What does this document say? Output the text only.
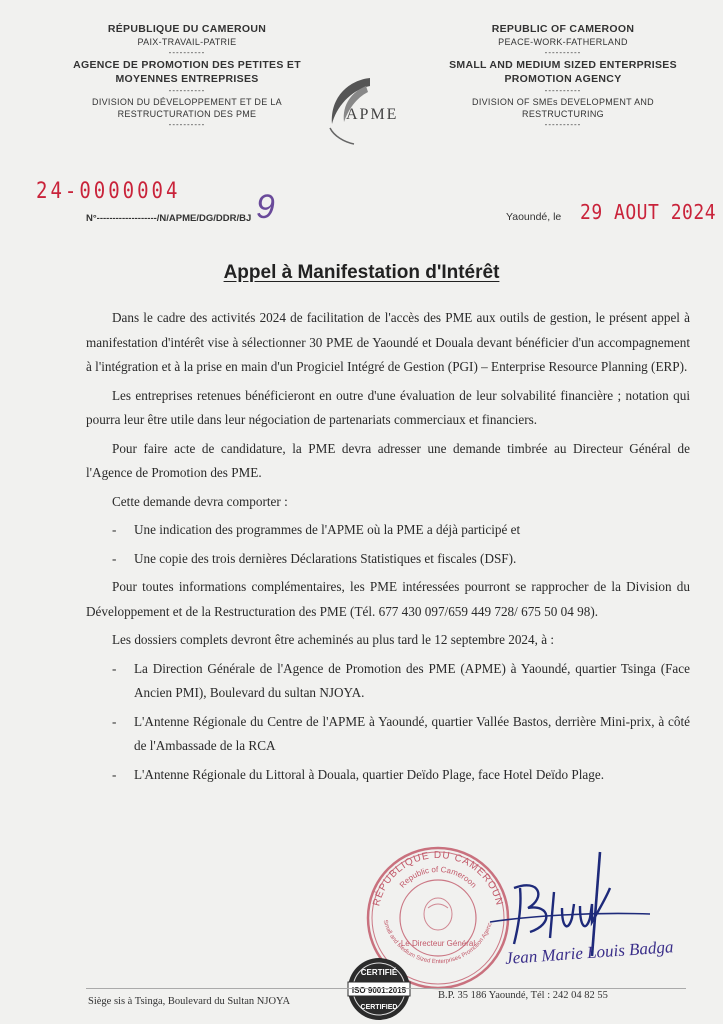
RÉPUBLIQUE DU CAMEROUN
PAIX-TRAVAIL-PATRIE
----------
AGENCE DE PROMOTION DES PETITES ET MOYENNES ENTREPRISES
----------
DIVISION DU DÉVELOPPEMENT ET DE LA RESTRUCTURATION DES PME
----------
APME
REPUBLIC OF CAMEROON
PEACE-WORK-FATHERLAND
----------
SMALL AND MEDIUM SIZED ENTERPRISES PROMOTION AGENCY
----------
DIVISION OF SMEs DEVELOPMENT AND RESTRUCTURING
----------
24-0000004
N°-------------------/N/APME/DG/DDR/BJ 9	Yaoundé, le 29 AOUT 2024
Appel à Manifestation d'Intérêt

Dans le cadre des activités 2024 de facilitation de l'accès des PME aux outils de gestion, le présent appel à manifestation d'intérêt vise à sélectionner 30 PME de Yaoundé et Douala devant bénéficier d'un accompagnement à l'intégration et à la prise en main d'un Progiciel Intégré de Gestion (PGI) – Enterprise Resource Planning (ERP).

Les entreprises retenues bénéficieront en outre d'une évaluation de leur solvabilité financière ; notation qui pourra leur être utile dans leur négociation de partenariats commerciaux et financiers.

Pour faire acte de candidature, la PME devra adresser une demande timbrée au Directeur Général de l'Agence de Promotion des PME.

Cette demande devra comporter :

- Une indication des programmes de l'APME où la PME a déjà participé et
- Une copie des trois dernières Déclarations Statistiques et fiscales (DSF).

Pour toutes informations complémentaires, les PME intéressées pourront se rapprocher de la Division du Développement et de la Restructuration des PME (Tél. 677 430 097/659 449 728/ 675 50 04 98).

Les dossiers complets devront être acheminés au plus tard le 12 septembre 2024, à :

- La Direction Générale de l'Agence de Promotion des PME (APME) à Yaoundé, quartier Tsinga (Face Ancien PMI), Boulevard du sultan NJOYA.
- L'Antenne Régionale du Centre de l'APME à Yaoundé, quartier Vallée Bastos, derrière Mini-prix, à côté de l'Ambassade de la RCA
- L'Antenne Régionale du Littoral à Douala, quartier Deïdo Plage, face Hotel Deïdo Plage.
RÉPUBLIQUE DU CAMEROUN
Republic of Cameroon
Small and Medium Sized Enterprises Promotion Agenc
Le Directeur Général Jean Marie Louis Badga
CERTIFIÉ
ISO 9001:2015
CERTIFIED
Siège sis à Tsinga, Boulevard du Sultan NJOYA
B.P. 35 186 Yaoundé, Tél : 242 04 82 55
